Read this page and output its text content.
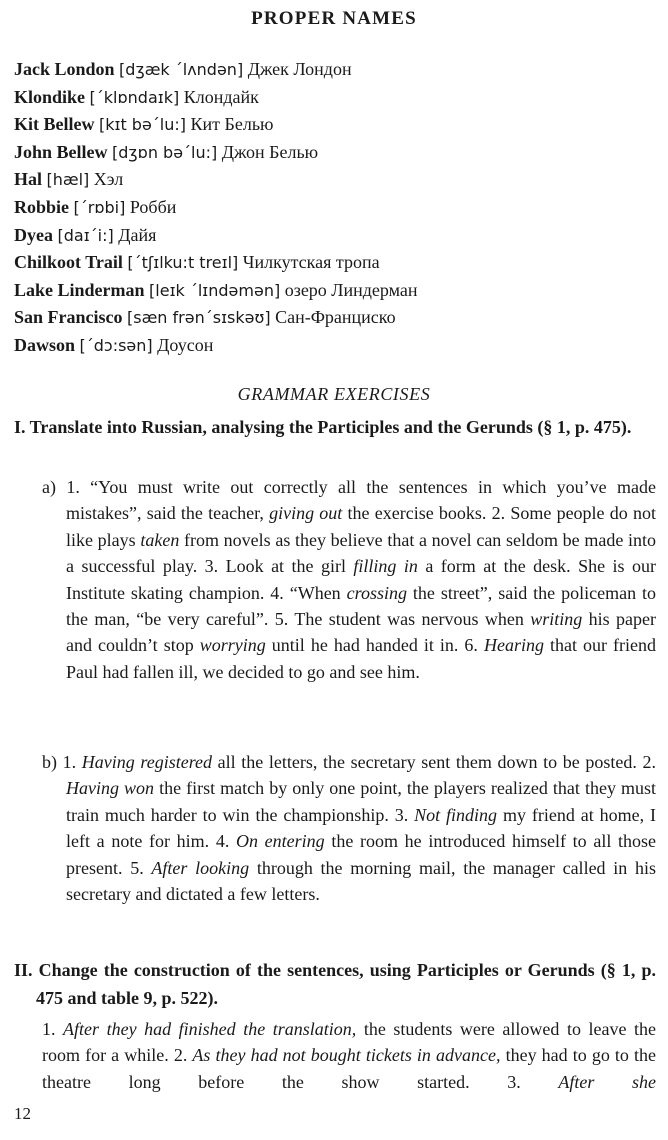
PROPER NAMES
Jack London [dʒæk ˊlʌndən] Джек Лондон
Klondike [ˊklɒndaɪk] Клондайк
Kit Bellew [kɪt bəˊlu:] Кит Белью
John Bellew [dʒɒn bəˊlu:] Джон Белью
Hal [hæl] Хэл
Robbie [ˊrɒbi] Робби
Dyea [daɪˊi:] Дайя
Chilkoot Trail [ˊtʃɪlku:t treɪl] Чилкутская тропа
Lake Linderman [leɪk ˊlɪndəmən] озеро Линдерман
San Francisco [sæn frənˊsɪskəʊ] Сан-Франциско
Dawson [ˊdɔ:sən] Доусон
GRAMMAR EXERCISES
I. Translate into Russian, analysing the Participles and the Gerunds (§ 1, p. 475).
a) 1. “You must write out correctly all the sentences in which you’ve made mistakes”, said the teacher, giving out the exercise books. 2. Some people do not like plays taken from novels as they believe that a novel can seldom be made into a successful play. 3. Look at the girl filling in a form at the desk. She is our Institute skating champion. 4. “When crossing the street”, said the policeman to the man, “be very careful”. 5. The student was nervous when writing his paper and couldn’t stop worrying until he had handed it in. 6. Hearing that our friend Paul had fallen ill, we decided to go and see him.
b) 1. Having registered all the letters, the secretary sent them down to be posted. 2. Having won the first match by only one point, the players realized that they must train much harder to win the championship. 3. Not finding my friend at home, I left a note for him. 4. On entering the room he introduced himself to all those present. 5. After looking through the morning mail, the manager called in his secretary and dictated a few letters.
II. Change the construction of the sentences, using Participles or Gerunds (§ 1, p. 475 and table 9, p. 522).
1. After they had finished the translation, the students were allowed to leave the room for a while. 2. As they had not bought tickets in advance, they had to go to the theatre long before the show started. 3. After she
12
